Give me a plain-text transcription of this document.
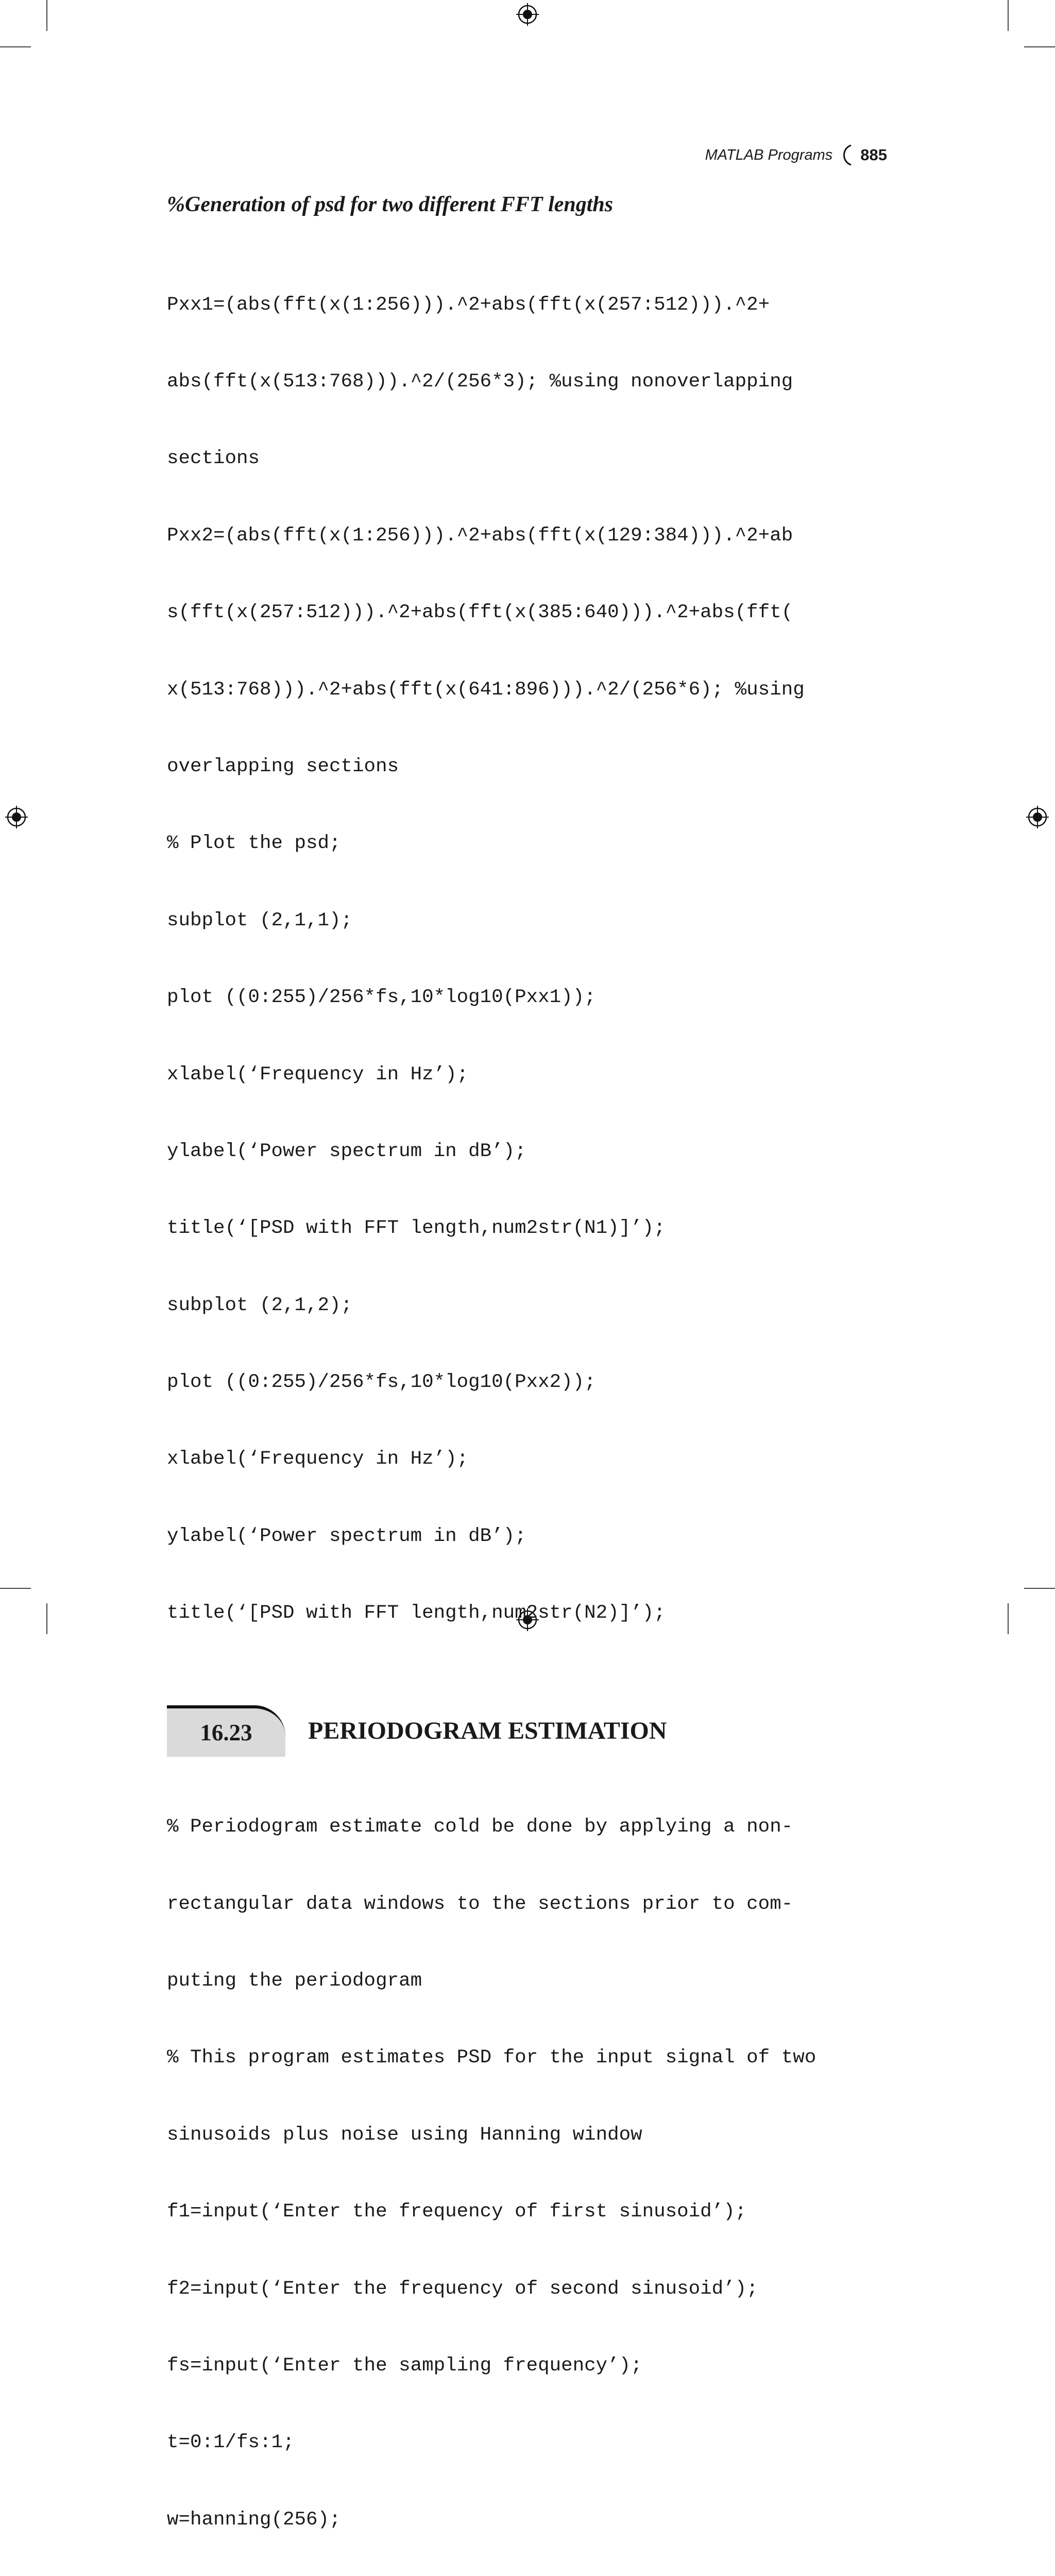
MATLAB Programs 885

%Generation of psd for two different FFT lengths

Pxx1=(abs(fft(x(1:256))).^2+abs(fft(x(257:512))).^2+

abs(fft(x(513:768))).^2/(256*3); %using nonoverlapping

sections

Pxx2=(abs(fft(x(1:256))).^2+abs(fft(x(129:384))).^2+ab

s(fft(x(257:512))).^2+abs(fft(x(385:640))).^2+abs(fft(

x(513:768))).^2+abs(fft(x(641:896))).^2/(256*6); %using

overlapping sections

% Plot the psd;

subplot (2,1,1);

plot ((0:255)/256*fs,10*log10(Pxx1));

xlabel(‘Frequency in Hz’);

ylabel(‘Power spectrum in dB’);

title(‘[PSD with FFT length,num2str(N1)]’);

subplot (2,1,2);

plot ((0:255)/256*fs,10*log10(Pxx2));

xlabel(‘Frequency in Hz’);

ylabel(‘Power spectrum in dB’);

title(‘[PSD with FFT length,num2str(N2)]’);

16.23	PERIODOGRAM ESTIMATION

% Periodogram estimate cold be done by applying a non-

rectangular data windows to the sections prior to com-

puting the periodogram

% This program estimates PSD for the input signal of two

sinusoids plus noise using Hanning window

f1=input(‘Enter the frequency of first sinusoid’);

f2=input(‘Enter the frequency of second sinusoid’);

fs=input(‘Enter the sampling frequency’);

t=0:1/fs:1;

w=hanning(256);
